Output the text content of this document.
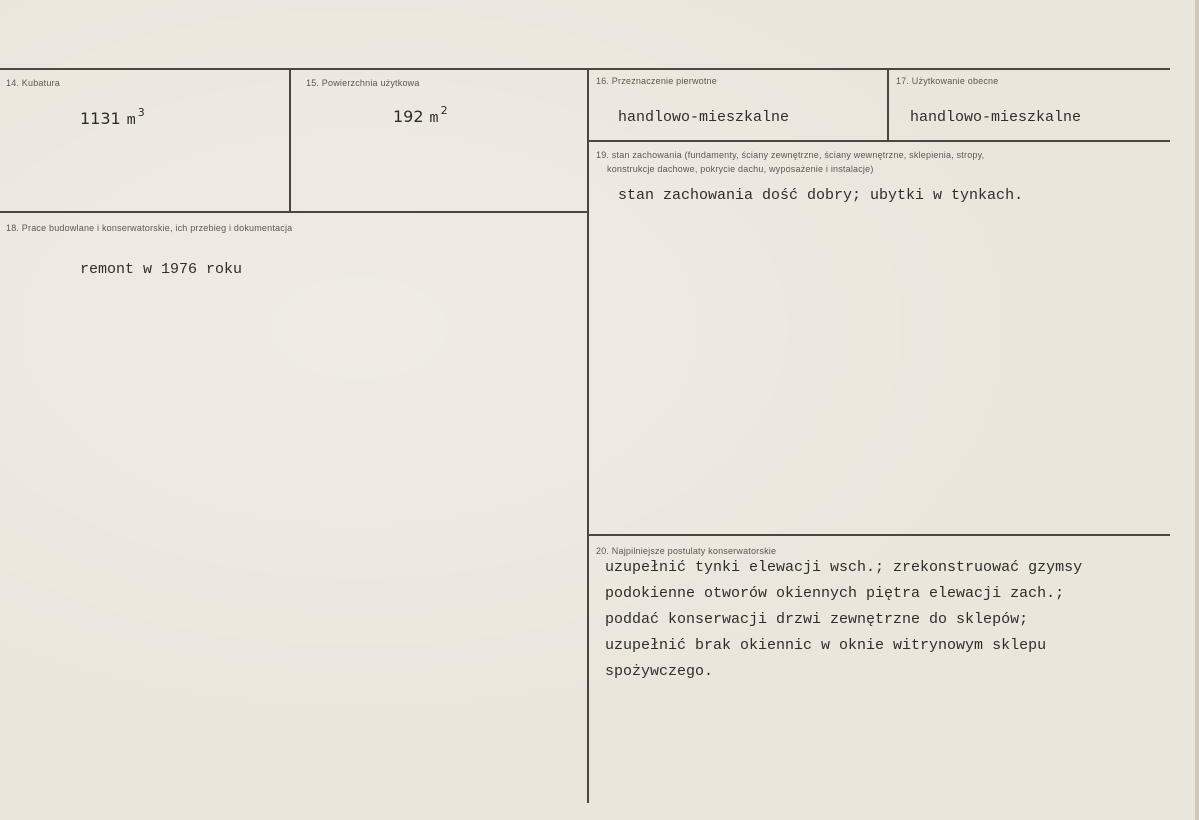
14. Kubatura
1131 m $^3$
15. Powierzchnia użytkowa
192 m $^2$
16. Przeznaczenie pierwotne
handlowo-mieszkalne
17. Użytkowanie obecne
handlowo-mieszkalne
18. Prace budowlane i konserwatorskie, ich przebieg i dokumentacja
remont w 1976 roku
19. stan zachowania (fundamenty, ściany zewnętrzne, ściany wewnętrzne, sklepienia, stropy,
konstrukcje dachowe, pokrycie dachu, wyposażenie i instalacje)
stan zachowania dość dobry; ubytki w tynkach.
20. Najpilniejsze postulaty konserwatorskie
uzupełnić tynki elewacji wsch.; zrekonstruować gzymsy
podokienne otworów okiennych piętra elewacji zach.;
poddać konserwacji drzwi zewnętrzne do sklepów;
uzupełnić brak okiennic w oknie witrynowym sklepu
spożywczego.
